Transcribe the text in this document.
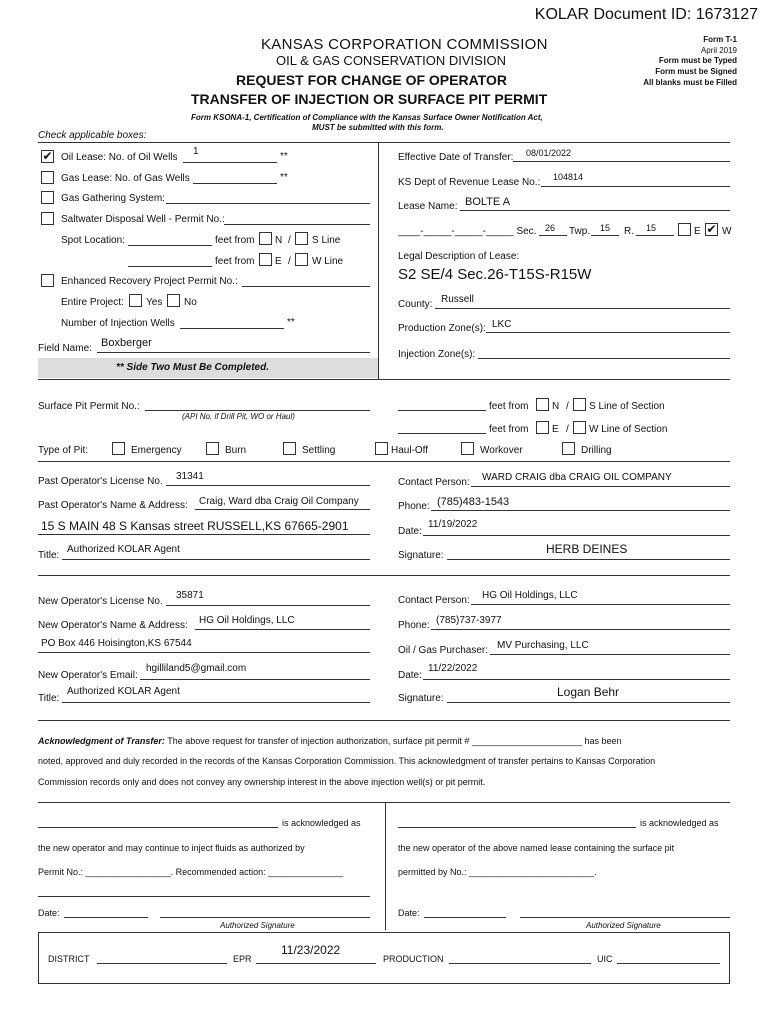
KOLAR Document ID: 1673127
KANSAS CORPORATION COMMISSION
OIL & GAS CONSERVATION DIVISION
REQUEST FOR CHANGE OF OPERATOR
TRANSFER OF INJECTION OR SURFACE PIT PERMIT
Form KSONA-1, Certification of Compliance with the Kansas Surface Owner Notification Act,
MUST be submitted with this form.
Form T-1
April 2019
Form must be Typed
Form must be Signed
All blanks must be Filled
Check applicable boxes:
✔ Oil Lease: No. of Oil Wells
1	**
Gas Lease: No. of Gas Wells	**
Gas Gathering System:
Saltwater Disposal Well - Permit No.:
Spot Location:	feet from N / S Line
feet from E / W Line
Enhanced Recovery Project Permit No.:
Entire Project: Yes No
Number of Injection Wells	**
Field Name: Boxberger
** Side Two Must Be Completed.
Effective Date of Transfer: 08/01/2022
KS Dept of Revenue Lease No.: 104814
Lease Name: BOLTE A
____-_____-_____-_____ Sec. 26 Twp. 15 R. 15	E ✔ W
Legal Description of Lease:
S2 SE/4 Sec.26-T15S-R15W
County: Russell
Production Zone(s): LKC
Injection Zone(s):
Surface Pit Permit No.:
(API No. if Drill Pit, WO or Haul)
feet from N / S Line of Section
feet from E / W Line of Section
Type of Pit:	Emergency	Burn	Settling	Haul-Off	Workover	Drilling
Past Operator's License No. 31341
Contact Person: WARD CRAIG dba CRAIG OIL COMPANY
Past Operator's Name & Address: Craig, Ward dba Craig Oil Company	Phone: (785)483-1543
15 S MAIN 48 S Kansas street RUSSELL,KS 67665-2901	Date:
11/19/2022
Title:
Authorized KOLAR Agent
Signature:	HERB DEINES
New Operator's License No.
35871	Contact Person: HG Oil Holdings, LLC
New Operator's Name & Address: HG Oil Holdings, LLC	Phone: (785)737-3977
PO Box 446 Hoisington,KS 67544
Oil / Gas Purchaser: MV Purchasing, LLC
New Operator's Email:
hgilliland5@gmail.com
Date:
11/22/2022
Title:
Authorized KOLAR Agent
Signature:	Logan Behr
Acknowledgment of Transfer: The above request for transfer of injection authorization, surface pit permit # ______________________ has been
noted, approved and duly recorded in the records of the Kansas Corporation Commission. This acknowledgment of transfer pertains to Kansas Corporation
Commission records only and does not convey any ownership interest in the above injection well(s) or pit permit.
is acknowledged as
the new operator and may continue to inject fluids as authorized by
Permit No.: _________________. Recommended action: _______________
Date:
Authorized Signature
is acknowledged as
the new operator of the above named lease containing the surface pit
permitted by No.: _________________________.
Date:
Authorized Signature
DISTRICT	EPR
11/23/2022
PRODUCTION	UIC
